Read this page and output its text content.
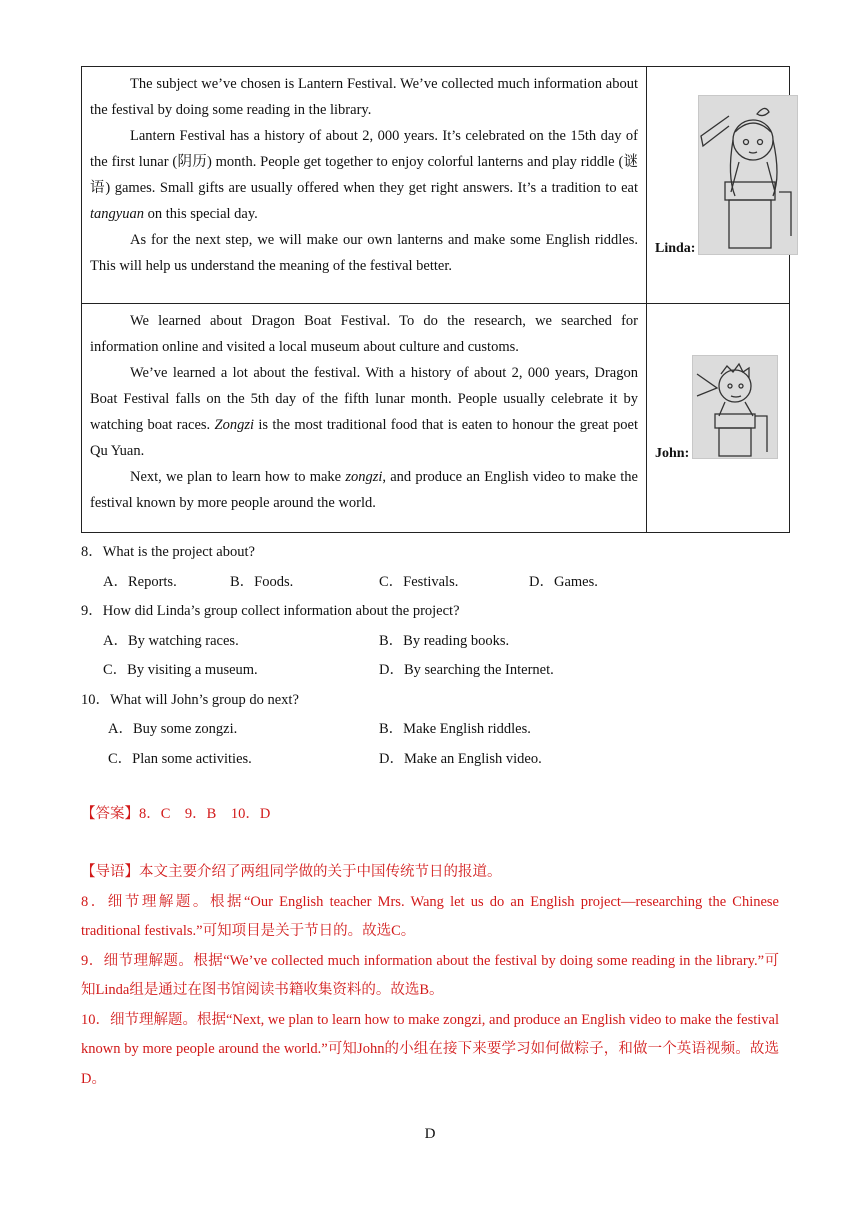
The subject we’ve chosen is Lantern Festival. We’ve collected much information about the festival by doing some reading in the library.

Lantern Festival has a history of about 2, 000 years. It’s celebrated on the 15th day of the first lunar (阴历) month. People get together to enjoy colorful lanterns and play riddle (谜语) games. Small gifts are usually offered when they get right answers. It’s a tradition to eat tangyuan on this special day.

As for the next step, we will make our own lanterns and make some English riddles. This will help us understand the meaning of the festival better.	Linda:

We learned about Dragon Boat Festival. To do the research, we searched for information online and visited a local museum about culture and customs.

We’ve learned a lot about the festival. With a history of about 2, 000 years, Dragon Boat Festival falls on the 5th day of the fifth lunar month. People usually celebrate it by watching boat races. Zongzi is the most traditional food that is eaten to honour the great poet Qu Yuan.

Next, we plan to learn how to make zongzi, and produce an English video to make the festival known by more people around the world.	John:

8．What is the project about?

A．Reports.	B．Foods.	C．Festivals.	D．Games.

9．How did Linda’s group collect information about the project?

A．By watching races.	B．By reading books.
C．By visiting a museum.	D．By searching the Internet.

10．What will John’s group do next?

A．Buy some zongzi.	B．Make English riddles.
C．Plan some activities.	D．Make an English video.
【答案】8．C　9．B　10．D

【导语】本文主要介绍了两组同学做的关于中国传统节日的报道。

8．细节理解题。根据“Our English teacher Mrs. Wang let us do an English project—researching the Chinese traditional festivals.”可知项目是关于节日的。故选C。

9．细节理解题。根据“We’ve collected much information about the festival by doing some reading in the library.”可知Linda组是通过在图书馆阅读书籍收集资料的。故选B。

10．细节理解题。根据“Next, we plan to learn how to make zongzi, and produce an English video to make the festival known by more people around the world.”可知John的小组在接下来要学习如何做粽子，和做一个英语视频。故选D。

D
